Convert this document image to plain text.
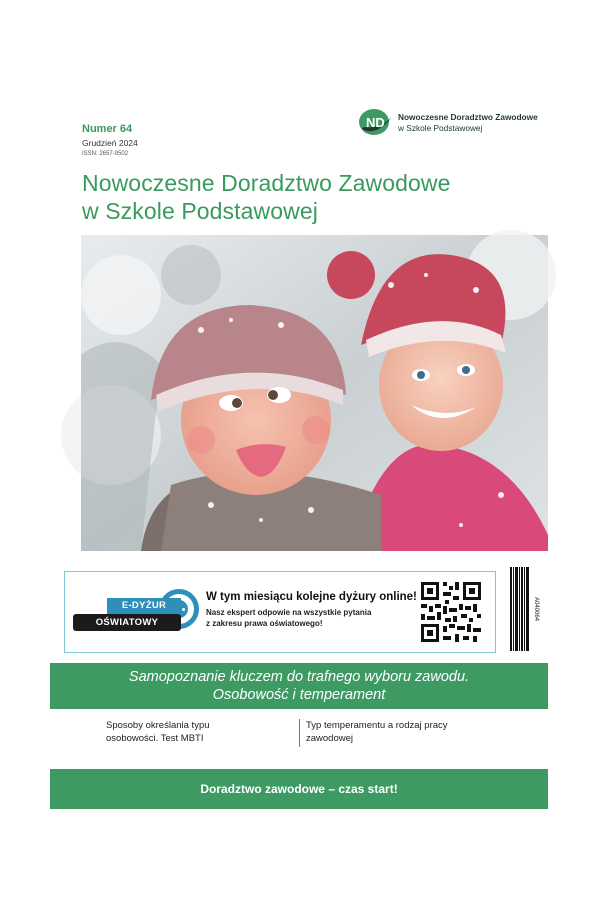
Numer 64
Grudzień 2024
ISSN: 2657-9502
ND Nowoczesne Doradztwo Zawodowe
w Szkole Podstawowej
Nowoczesne Doradztwo Zawodowe
w Szkole Podstawowej
E-DYŻUR
OŚWIATOWY
W tym miesiącu kolejne dyżury online!
Nasz ekspert odpowie na wszystkie pytania
z zakresu prawa oświatowego!
A040064
Samopoznanie kluczem do trafnego wyboru zawodu.
Osobowość i temperament
Sposoby określania typu
osobowości. Test MBTI
Typ temperamentu a rodzaj pracy
zawodowej
Doradztwo zawodowe – czas start!
